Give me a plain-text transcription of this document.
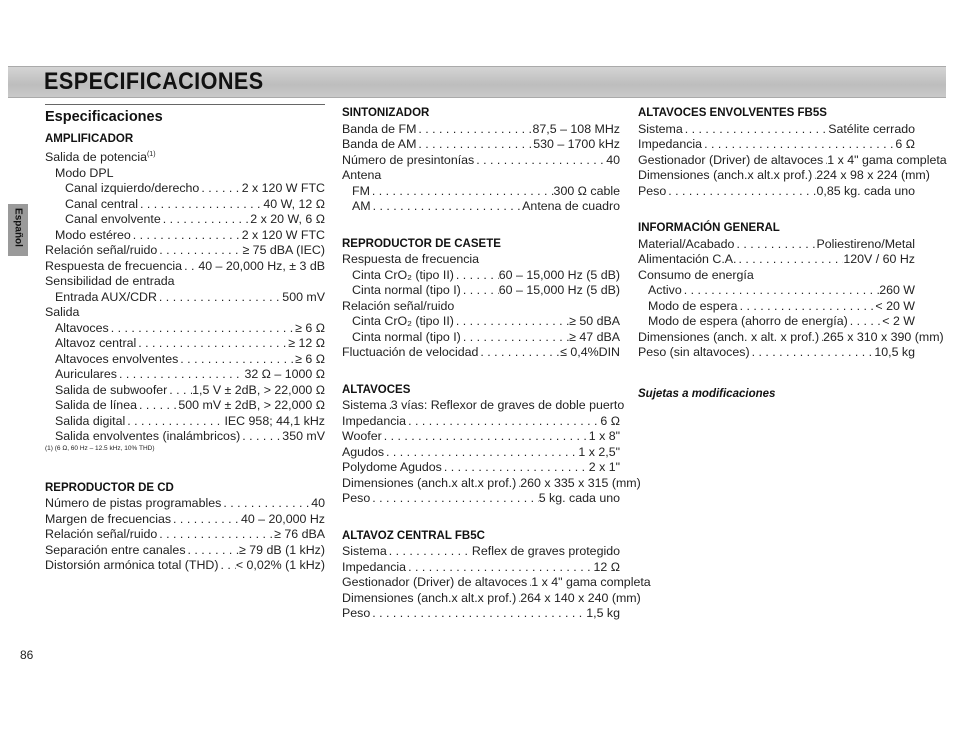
ESPECIFICACIONES
Español
Especificaciones
AMPLIFICADOR
Salida de potencia$^{(1)}$
Modo DPL
Canal izquierdo/derecho . . .	2 x 120 W FTC
Canal central . . .	40 W, 12 Ω
Canal envolvente . . .	2 x 20 W, 6 Ω
Modo estéreo . . .	2 x 120 W FTC
Relación señal/ruido . . .	≥ 75 dBA (IEC)
Respuesta de frecuencia . . . 40 – 20,000 Hz, ± 3 dB
Sensibilidad de entrada
Entrada AUX/CDR . . .	500 mV
Salida
Altavoces . . .	≥ 6 Ω
Altavoz central . . .	≥ 12 Ω
Altavoces envolventes . . .	≥ 6 Ω
Auriculares . . .	32 Ω – 1000 Ω
Salida de subwoofer . . . 1,5 V ± 2dB, > 22,000 Ω
Salida de línea . . .	500 mV ± 2dB, > 22,000 Ω
Salida digital . . .	IEC 958; 44,1 kHz
Salida envolventes (inalámbricos) . . .	350 mV
(1) (6 Ω, 60 Hz – 12.5 kHz, 10% THD)
REPRODUCTOR DE CD
Número de pistas programables . . .	40
Margen de frecuencias . . .	40 – 20,000 Hz
Relación señal/ruido . . .	≥ 76 dBA
Separación entre canales . . .	≥ 79 dB (1 kHz)
Distorsión armónica total (THD) . . . < 0,02% (1 kHz)
SINTONIZADOR
Banda de FM . . .	87,5 – 108 MHz
Banda de AM . . .	530 – 1700 kHz
Número de presintonías . . .	40
Antena
FM . . .	300 Ω cable
AM . . .	Antena de cuadro
REPRODUCTOR DE CASETE
Respuesta de frecuencia
Cinta CrO₂ (tipo II) . . .	60 – 15,000 Hz (5 dB)
Cinta normal (tipo I) . . .	60 – 15,000 Hz (5 dB)
Relación señal/ruido
Cinta CrO₂ (tipo II) . . .	≥ 50 dBA
Cinta normal (tipo I) . . .	≥ 47 dBA
Fluctuación de velocidad . . .	≤ 0,4%DIN
ALTAVOCES
Sistema . . . 3 vías: Reflexor de graves de doble puerto
Impedancia . . .	6 Ω
Woofer . . .	1 x 8"
Agudos . . .	1 x 2,5"
Polydome Agudos . . .	2 x 1"
Dimensiones (anch.x alt.x prof.) . . . 260 x 335 x 315 (mm)
Peso . . .	5 kg. cada uno
ALTAVOZ CENTRAL FB5C
Sistema . . .	Reflex de graves protegido
Impedancia . . .	12 Ω
Gestionador (Driver) de altavoces . . . 1 x 4" gama completa
Dimensiones (anch.x alt.x prof.) . . . 264 x 140 x 240 (mm)
Peso . . .	1,5 kg
ALTAVOCES ENVOLVENTES FB5S
Sistema . . .	Satélite cerrado
Impedancia . . .	6 Ω
Gestionador (Driver) de altavoces . . . 1 x 4" gama completa
Dimensiones (anch.x alt.x prof.) . . . 224 x 98 x 224 (mm)
Peso . . .	0,85 kg. cada uno
INFORMACIÓN GENERAL
Material/Acabado . . .	Poliestireno/Metal
Alimentación C.A. . . .	120V / 60 Hz
Consumo de energía
Activo . . .	260 W
Modo de espera . . .	< 20 W
Modo de espera (ahorro de energía) . . .	< 2 W
Dimensiones (anch. x alt. x prof.) . . . 265 x 310 x 390 (mm)
Peso (sin altavoces) . . .	10,5 kg
Sujetas a modificaciones
86
